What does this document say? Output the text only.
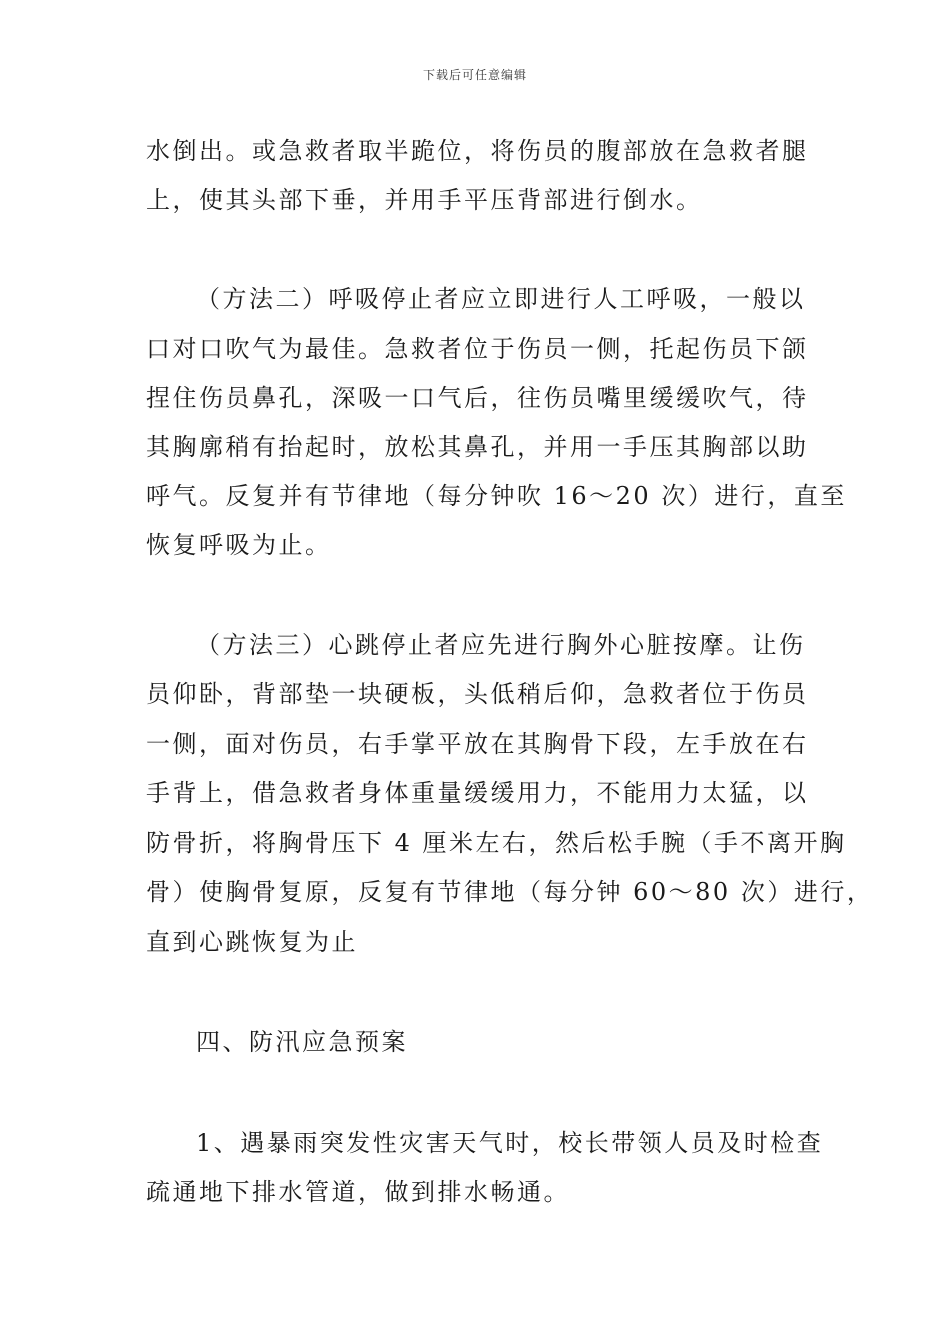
下载后可任意编辑
水倒出。或急救者取半跪位，将伤员的腹部放在急救者腿
上，使其头部下垂，并用手平压背部进行倒水。
（方法二）呼吸停止者应立即进行人工呼吸，一般以
口对口吹气为最佳。急救者位于伤员一侧，托起伤员下颌
捏住伤员鼻孔，深吸一口气后，往伤员嘴里缓缓吹气，待
其胸廓稍有抬起时，放松其鼻孔，并用一手压其胸部以助
呼气。反复并有节律地（每分钟吹 16～20 次）进行，直至
恢复呼吸为止。
（方法三）心跳停止者应先进行胸外心脏按摩。让伤
员仰卧，背部垫一块硬板，头低稍后仰，急救者位于伤员
一侧，面对伤员，右手掌平放在其胸骨下段，左手放在右
手背上，借急救者身体重量缓缓用力，不能用力太猛，以
防骨折，将胸骨压下 4 厘米左右，然后松手腕（手不离开胸
骨）使胸骨复原，反复有节律地（每分钟 60～80 次）进行，
直到心跳恢复为止
四、防汛应急预案
1、遇暴雨突发性灾害天气时，校长带领人员及时检查
疏通地下排水管道，做到排水畅通。
